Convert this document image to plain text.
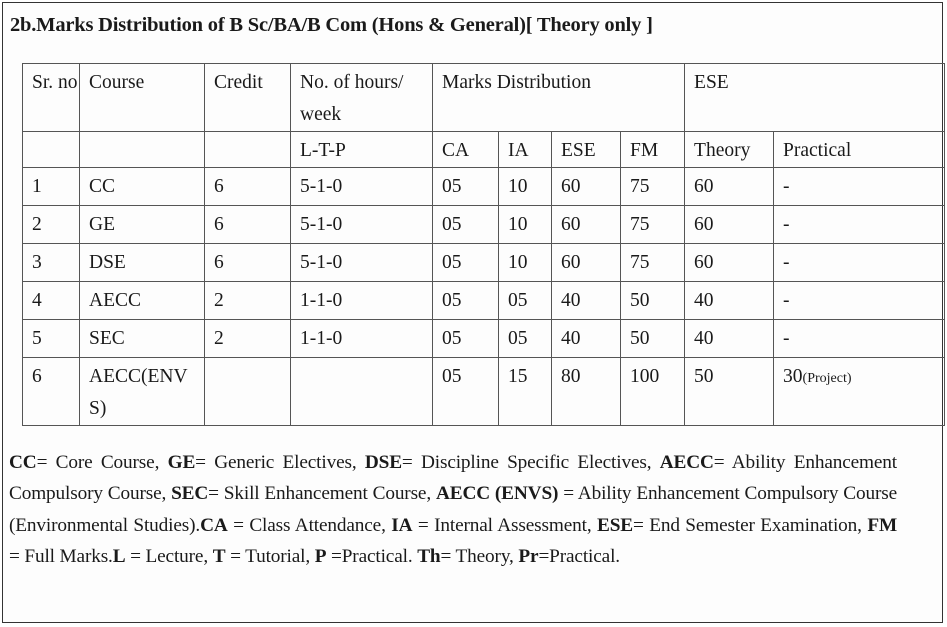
2b.Marks Distribution of B Sc/BA/B Com (Hons & General)[ Theory only ]
Sr. no	Course	Credit	No. of hours/ week	Marks Distribution				ESE	
			L-T-P	CA	IA	ESE	FM	Theory	Practical
1	CC	6	5-1-0	05	10	60	75	60	-
2	GE	6	5-1-0	05	10	60	75	60	-
3	DSE	6	5-1-0	05	10	60	75	60	-
4	AECC	2	1-1-0	05	05	40	50	40	-
5	SEC	2	1-1-0	05	05	40	50	40	-
6	AECC(ENVS)			05	15	80	100	50	30(Project)
CC= Core Course, GE= Generic Electives, DSE= Discipline Specific Electives, AECC= Ability Enhancement Compulsory Course, SEC= Skill Enhancement Course, AECC (ENVS) = Ability Enhancement Compulsory Course (Environmental Studies).CA = Class Attendance, IA = Internal Assessment, ESE= End Semester Examination, FM = Full Marks.L = Lecture, T = Tutorial, P =Practical. Th= Theory, Pr=Practical.
